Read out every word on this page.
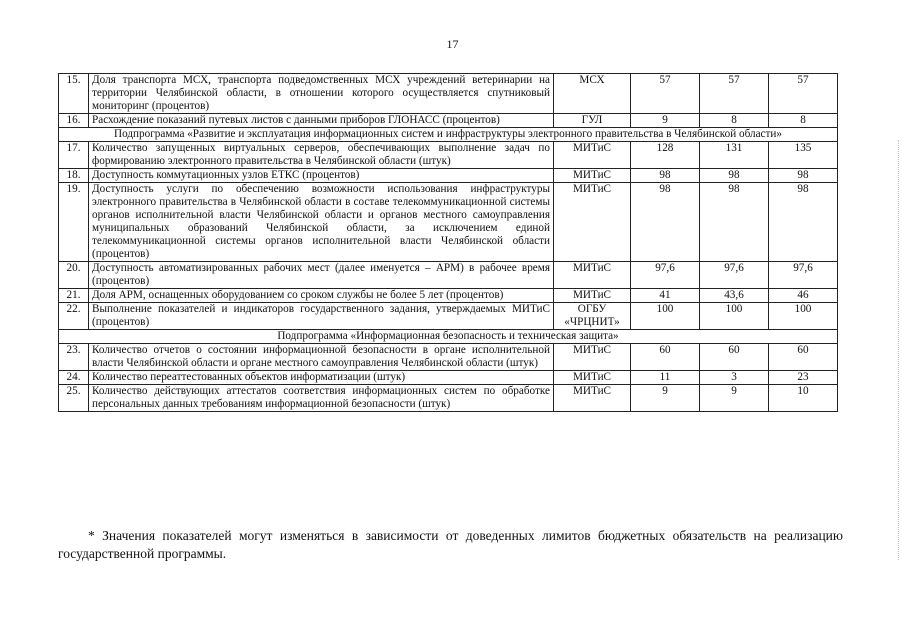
17
15.	Доля транспорта МСХ, транспорта подведомственных МСХ учреждений ветеринарии на территории Челябинской области, в отношении которого осуществляется спутниковый мониторинг (процентов)	МСХ	57	57	57
16.	Расхождение показаний путевых листов с данными приборов ГЛОНАСС (процентов)	ГУЛ	9	8	8
Подпрограмма «Развитие и эксплуатация информационных систем и инфраструктуры электронного правительства в Челябинской области»					
17.	Количество запущенных виртуальных серверов, обеспечивающих выполнение задач по формированию электронного правительства в Челябинской области (штук)	МИТиС	128	131	135
18.	Доступность коммутационных узлов ЕТКС (процентов)	МИТиС	98	98	98
19.	Доступность услуги по обеспечению возможности использования инфраструктуры электронного правительства в Челябинской области в составе телекоммуникационной системы органов исполнительной власти Челябинской области и органов местного самоуправления муниципальных образований Челябинской области, за исключением единой телекоммуникационной системы органов исполнительной власти Челябинской области (процентов)	МИТиС	98	98	98
20.	Доступность автоматизированных рабочих мест (далее именуется – АРМ) в рабочее время (процентов)	МИТиС	97,6	97,6	97,6
21.	Доля АРМ, оснащенных оборудованием со сроком службы не более 5 лет (процентов)	МИТиС	41	43,6	46
22.	Выполнение показателей и индикаторов государственного задания, утверждаемых МИТиС (процентов)	ОГБУ «ЧРЦНИТ»	100	100	100
Подпрограмма «Информационная безопасность и техническая защита»					
23.	Количество отчетов о состоянии информационной безопасности в органе исполнительной власти Челябинской области и органе местного самоуправления Челябинской области (штук)	МИТиС	60	60	60
24.	Количество переаттестованных объектов информатизации (штук)	МИТиС	11	3	23
25.	Количество действующих аттестатов соответствия информационных систем по обработке персональных данных требованиям информационной безопасности (штук)	МИТиС	9	9	10
* Значения показателей могут изменяться в зависимости от доведенных лимитов бюджетных обязательств на реализацию государственной программы.
